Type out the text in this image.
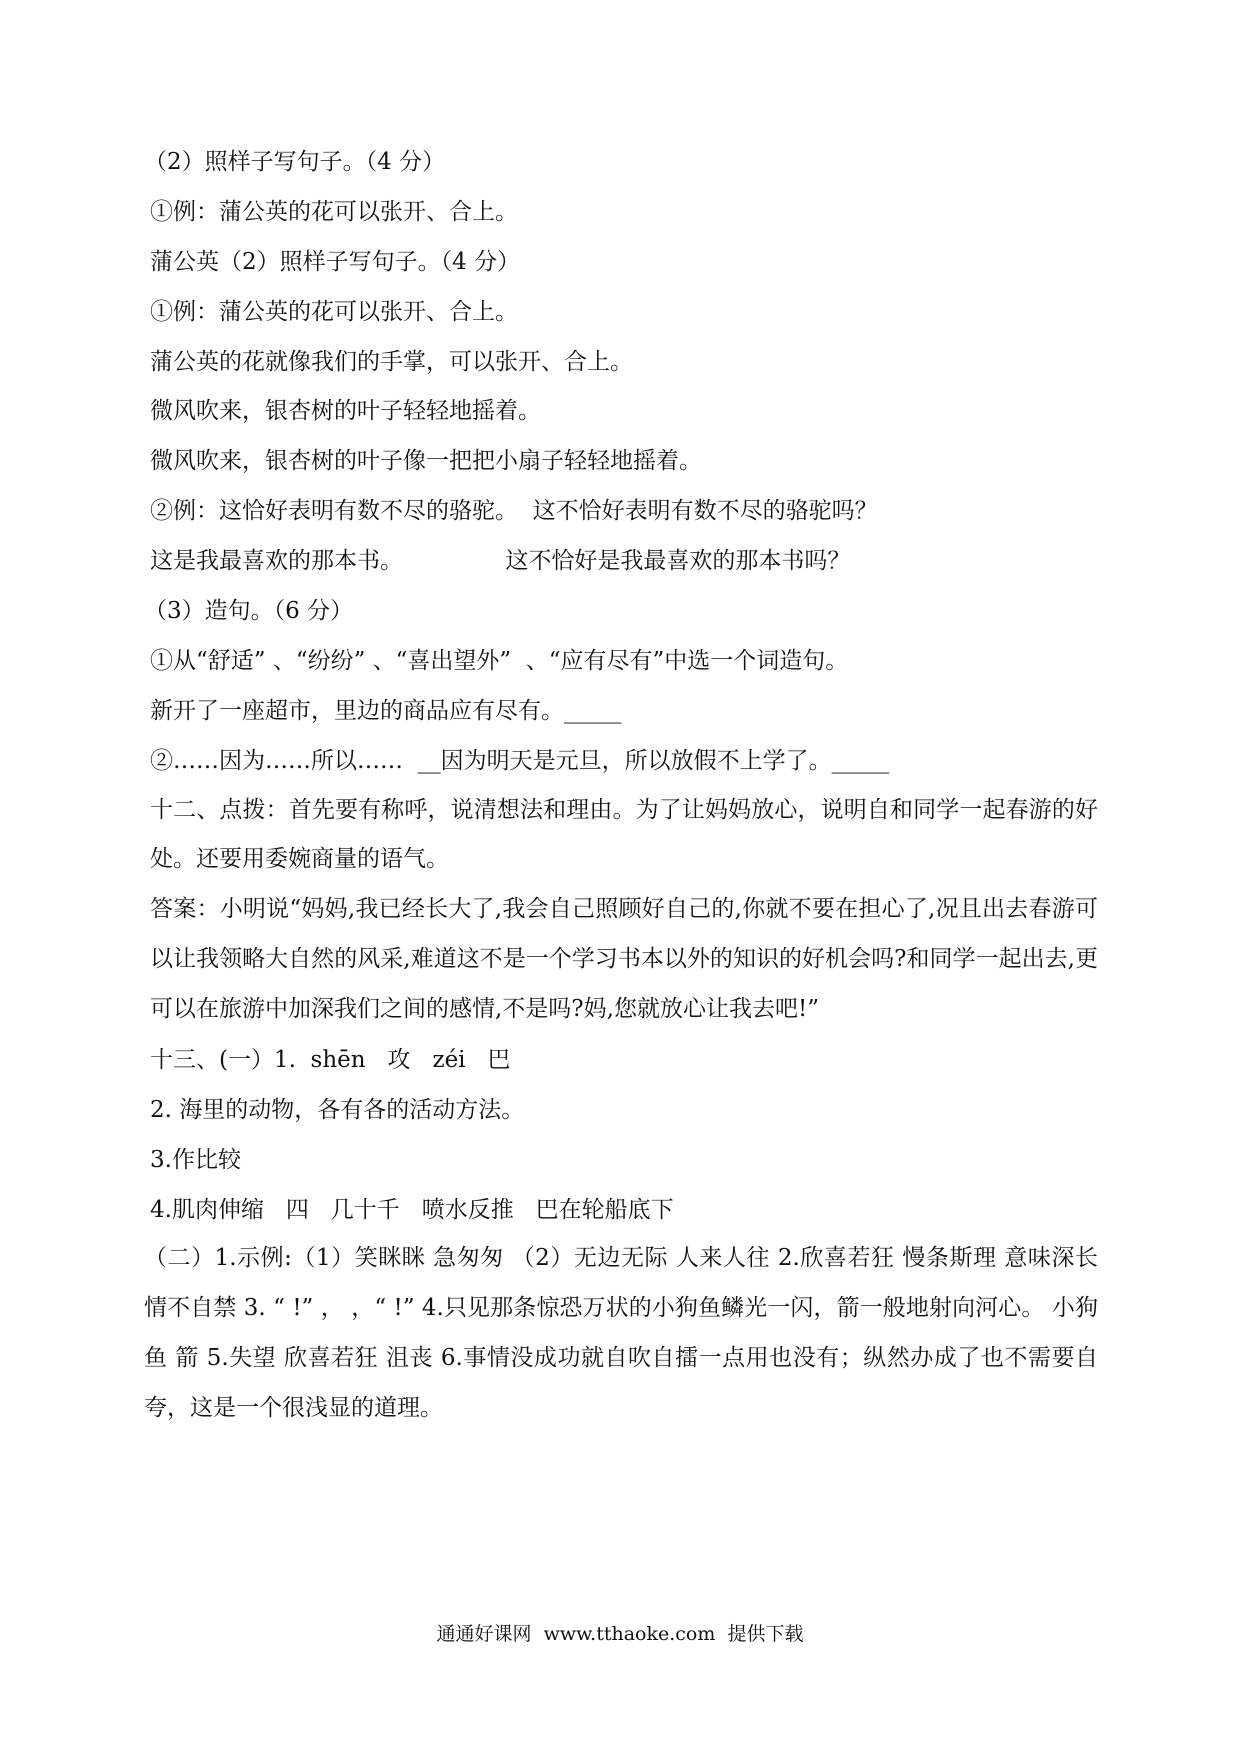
（2）照样子写句子。（4 分）
①例：蒲公英的花可以张开、合上。
蒲公英（2）照样子写句子。（4 分）
①例：蒲公英的花可以张开、合上。
蒲公英的花就像我们的手掌，可以张开、合上。
微风吹来，银杏树的叶子轻轻地摇着。
微风吹来，银杏树的叶子像一把把小扇子轻轻地摇着。
②例：这恰好表明有数不尽的骆驼。  这不恰好表明有数不尽的骆驼吗？
这是我最喜欢的那本书。              这不恰好是我最喜欢的那本书吗？
（3）造句。（6 分）
①从“舒适” 、“纷纷” 、“喜出望外”  、“应有尽有”中选一个词造句。
新开了一座超市，里边的商品应有尽有。_____
②……因为……所以……  __因为明天是元旦，所以放假不上学了。_____
十二、点拨：首先要有称呼，说清想法和理由。为了让妈妈放心，说明自和同学一起春游的好处。还要用委婉商量的语气。
答案：小明说“妈妈,我已经长大了,我会自己照顾好自己的,你就不要在担心了,况且出去春游可以让我领略大自然的风采,难道这不是一个学习书本以外的知识的好机会吗?和同学一起出去,更可以在旅游中加深我们之间的感情,不是吗?妈,您就放心让我去吧!”
十三、(一）1.  shēn   攻   zéi   巴
2. 海里的动物，各有各的活动方法。
3.作比较
4.肌肉伸缩   四   几十千   喷水反推   巴在轮船底下
（二）1.示例:（1）笑眯眯 急匆匆 （2）无边无际 人来人往 2.欣喜若狂 慢条斯理 意味深长 情不自禁 3. “ !” ， ，“ !” 4.只见那条惊恐万状的小狗鱼鳞光一闪，箭一般地射向河心。 小狗鱼 箭 5.失望 欣喜若狂 沮丧 6.事情没成功就自吹自擂一点用也没有；纵然办成了也不需要自夸，这是一个很浅显的道理。
通通好课网  www.tthaoke.com  提供下载
